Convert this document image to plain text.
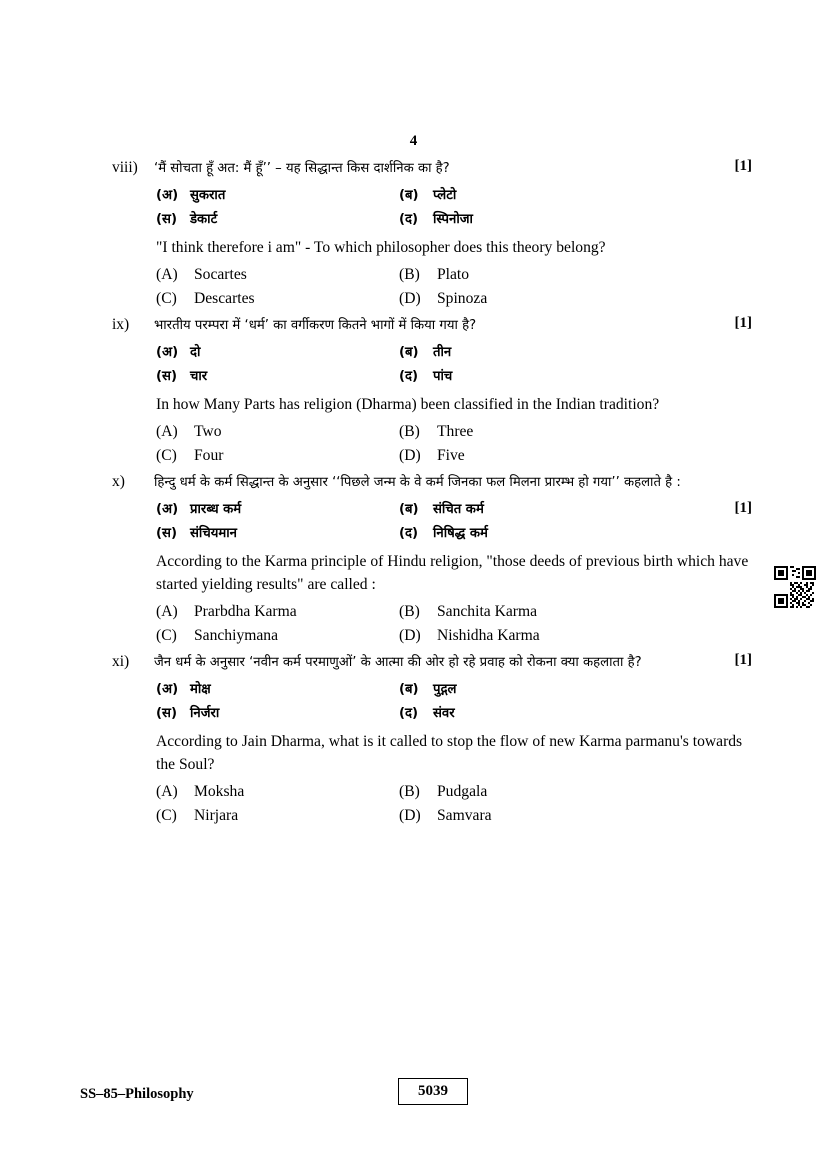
4
viii)	‘मैं सोचता हूँ अत: मैं हूँ’’ – यह सिद्धान्त किस दार्शनिक का है?	[1]
(अ) सुकरात	(ब)	प्लेटो
(स) डेकार्ट	(द)	स्पिनोजा
"I think therefore i am" - To which philosopher does this theory belong?
(A)	Socartes	(B)	Plato
(C)	Descartes	(D)	Spinoza
ix)	भारतीय परम्परा में ‘धर्म’ का वर्गीकरण कितने भागों में किया गया है?	[1]
(अ) दो	(ब)	तीन
(स) चार	(द)	पांच
In how Many Parts has religion (Dharma) been classified in the Indian tradition?
(A)	Two	(B)	Three
(C)	Four	(D)	Five
x)	हिन्दु धर्म के कर्म सिद्धान्त के अनुसार ‘‘पिछले जन्म के वे कर्म जिनका फल मिलना प्रारम्भ हो गया’’ कहलाते है :
[1]
(अ) प्रारब्ध कर्म	(ब)	संचित कर्म
(स) संचियमान	(द)	निषिद्ध कर्म
According to the Karma principle of Hindu religion, "those deeds of previous birth which have started yielding results" are called :
(A)	Prarbdha Karma	(B)	Sanchita Karma
(C)	Sanchiymana	(D)	Nishidha Karma
xi)	जैन धर्म के अनुसार ‘नवीन कर्म परमाणुओं’ के आत्मा की ओर हो रहे प्रवाह को रोकना क्या कहलाता है?	[1]
(अ) मोक्ष	(ब)	पुद्गल
(स) निर्जरा	(द)	संवर
According to Jain Dharma, what is it called to stop the flow of new Karma parmanu's towards the Soul?
(A)	Moksha	(B)	Pudgala
(C)	Nirjara	(D)	Samvara
SS–85–Philosophy	5039
